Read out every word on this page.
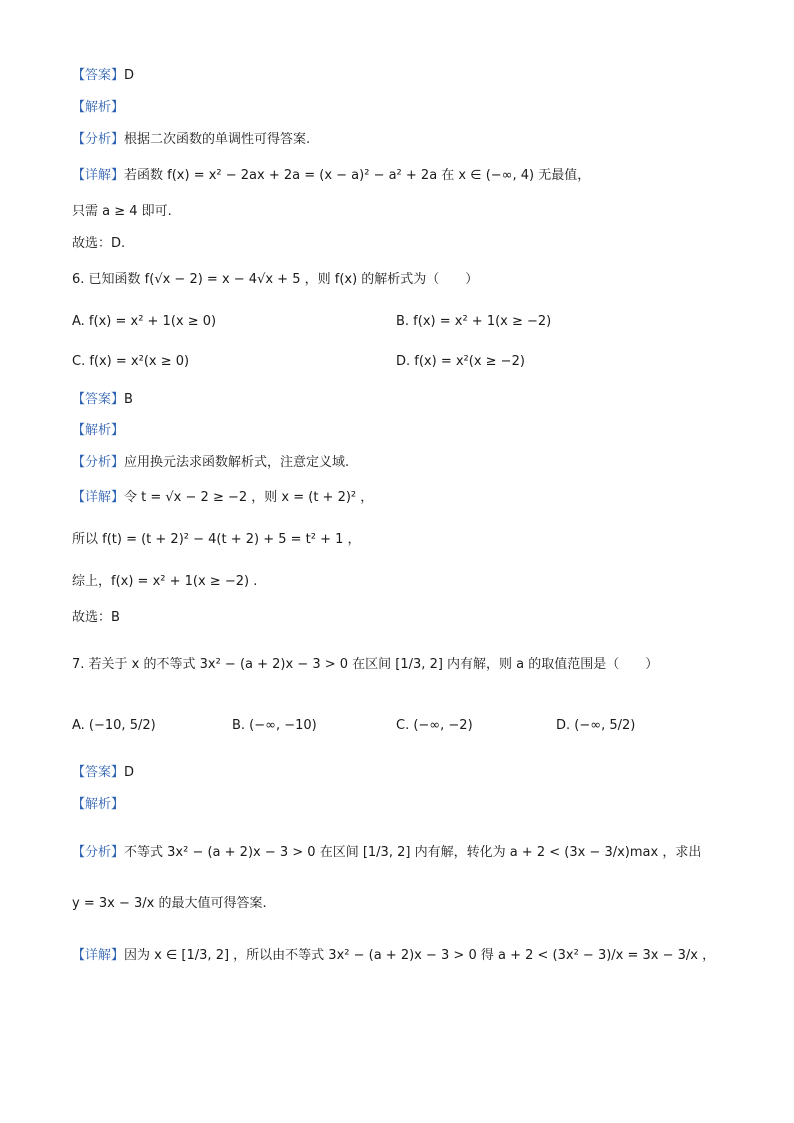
【答案】D
【解析】
【分析】根据二次函数的单调性可得答案.
【详解】若函数 f(x) = x² − 2ax + 2a = (x − a)² − a² + 2a 在 x ∈ (−∞, 4) 无最值，
只需 a ≥ 4 即可.
故选：D.
6. 已知函数 f(√x − 2) = x − 4√x + 5 ，则 f(x) 的解析式为（　　）
A. f(x) = x² + 1(x ≥ 0)	B. f(x) = x² + 1(x ≥ −2)
C. f(x) = x²(x ≥ 0)	D. f(x) = x²(x ≥ −2)
【答案】B
【解析】
【分析】应用换元法求函数解析式，注意定义域.
【详解】令 t = √x − 2 ≥ −2 ，则 x = (t + 2)² ，
所以 f(t) = (t + 2)² − 4(t + 2) + 5 = t² + 1 ，
综上，f(x) = x² + 1(x ≥ −2) .
故选：B
7. 若关于 x 的不等式 3x² − (a + 2)x − 3 > 0 在区间 [1/3, 2] 内有解，则 a 的取值范围是（　　）
A. (−10, 5/2)	B. (−∞, −10)	C. (−∞, −2)	D. (−∞, 5/2)
【答案】D
【解析】
【分析】不等式 3x² − (a + 2)x − 3 > 0 在区间 [1/3, 2] 内有解，转化为 a + 2 < (3x − 3/x)max ，求出
y = 3x − 3/x 的最大值可得答案.
【详解】因为 x ∈ [1/3, 2] ，所以由不等式 3x² − (a + 2)x − 3 > 0 得 a + 2 < (3x² − 3)/x = 3x − 3/x ，
